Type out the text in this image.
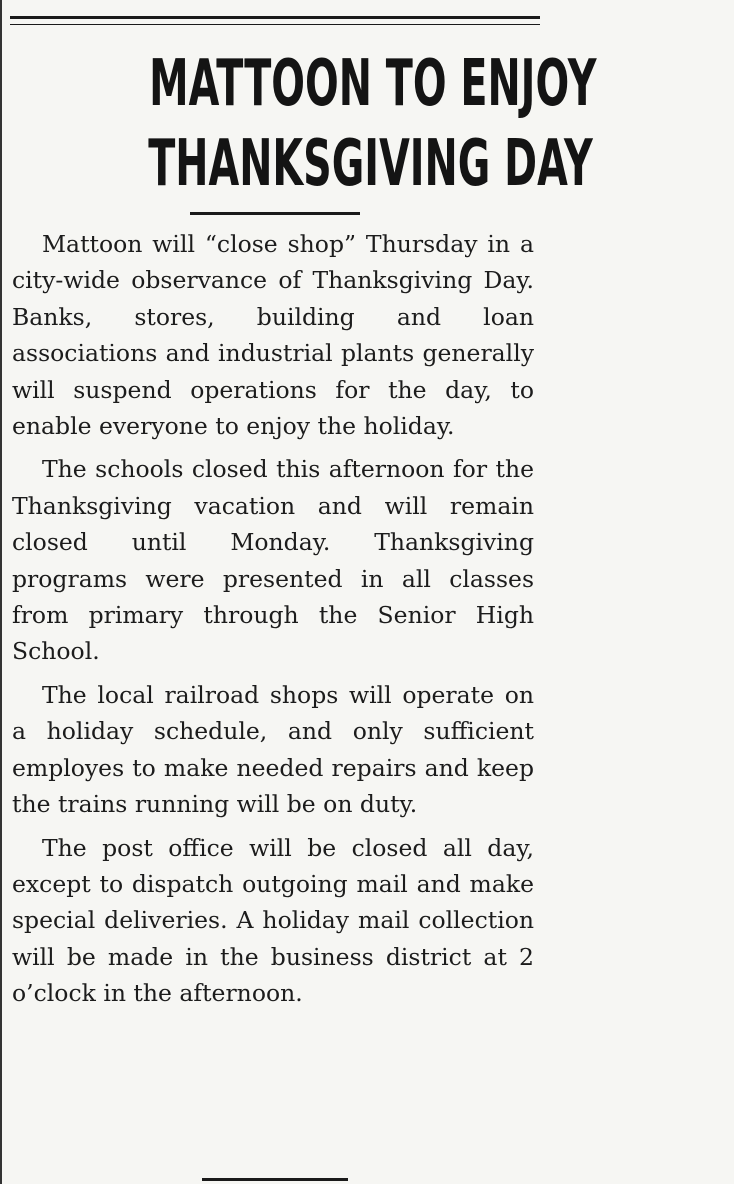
MATTOON TO ENJOY
THANKSGIVING DAY

Mattoon will “close shop” Thursday in a city-wide observance of Thanksgiving Day. Banks, stores, building and loan associations and industrial plants generally will suspend operations for the day, to enable everyone to enjoy the holiday.

The schools closed this afternoon for the Thanksgiving vacation and will remain closed until Monday. Thanksgiving programs were presented in all classes from primary through the Senior High School.

The local railroad shops will operate on a holiday schedule, and only sufficient employes to make needed repairs and keep the trains running will be on duty.

The post office will be closed all day, except to dispatch outgoing mail and make special deliveries. A holiday mail collection will be made in the business district at 2 o’clock in the afternoon.
